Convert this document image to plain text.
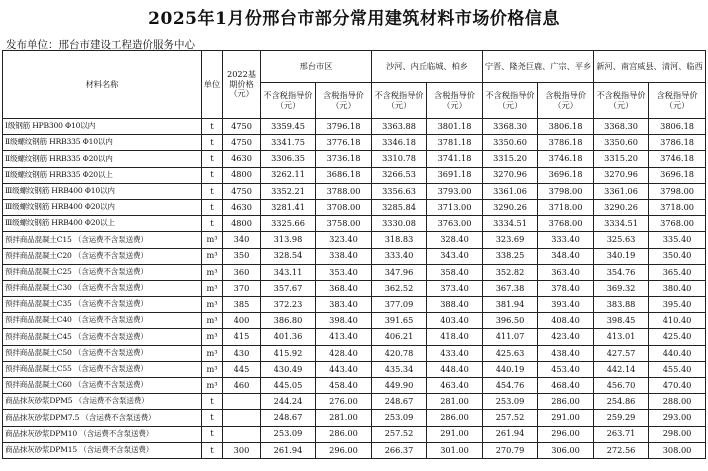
2025年1月份邢台市部分常用建筑材料市场价格信息
发布单位：邢台市建设工程造价服务中心
材料名称	单位	2022基期价格（元）	邢台市区		沙河、内丘临城、柏乡		宁晋、隆尧巨鹿、广宗、平乡		新河、南宫威县、清河、临西	
			不含税指导价（元）	含税指导价（元）	不含税指导价（元）	含税指导价（元）	不含税指导价（元）	含税指导价（元）	不含税指导价（元）	含税指导价（元）
Ⅰ级钢筋 HPB300 Φ10以内	t	4750	3359.45	3796.18	3363.88	3801.18	3368.30	3806.18	3368.30	3806.18
Ⅱ级螺纹钢筋 HRB335 Φ10以内	t	4750	3341.75	3776.18	3346.18	3781.18	3350.60	3786.18	3350.60	3786.18
Ⅱ级螺纹钢筋 HRB335 Φ20以内	t	4630	3306.35	3736.18	3310.78	3741.18	3315.20	3746.18	3315.20	3746.18
Ⅱ级螺纹钢筋 HRB335 Φ20以上	t	4800	3262.11	3686.18	3266.53	3691.18	3270.96	3696.18	3270.96	3696.18
Ⅲ级螺纹钢筋 HRB400 Φ10以内	t	4750	3352.21	3788.00	3356.63	3793.00	3361.06	3798.00	3361.06	3798.00
Ⅲ级螺纹钢筋 HRB400 Φ20以内	t	4630	3281.41	3708.00	3285.84	3713.00	3290.26	3718.00	3290.26	3718.00
Ⅲ级螺纹钢筋 HRB400 Φ20以上	t	4800	3325.66	3758.00	3330.08	3763.00	3334.51	3768.00	3334.51	3768.00
预拌商品混凝土C15 （含运费不含泵送费）	m³	340	313.98	323.40	318.83	328.40	323.69	333.40	325.63	335.40
预拌商品混凝土C20 （含运费不含泵送费）	m³	350	328.54	338.40	333.40	343.40	338.25	348.40	340.19	350.40
预拌商品混凝土C25 （含运费不含泵送费）	m³	360	343.11	353.40	347.96	358.40	352.82	363.40	354.76	365.40
预拌商品混凝土C30 （含运费不含泵送费）	m³	370	357.67	368.40	362.52	373.40	367.38	378.40	369.32	380.40
预拌商品混凝土C35 （含运费不含泵送费）	m³	385	372.23	383.40	377.09	388.40	381.94	393.40	383.88	395.40
预拌商品混凝土C40 （含运费不含泵送费）	m³	400	386.80	398.40	391.65	403.40	396.50	408.40	398.45	410.40
预拌商品混凝土C45 （含运费不含泵送费）	m³	415	401.36	413.40	406.21	418.40	411.07	423.40	413.01	425.40
预拌商品混凝土C50 （含运费不含泵送费）	m³	430	415.92	428.40	420.78	433.40	425.63	438.40	427.57	440.40
预拌商品混凝土C55 （含运费不含泵送费）	m³	445	430.49	443.40	435.34	448.40	440.19	453.40	442.14	455.40
预拌商品混凝土C60 （含运费不含泵送费）	m³	460	445.05	458.40	449.90	463.40	454.76	468.40	456.70	470.40
商品抹灰砂浆DPM5 （含运费不含泵送费）	t		244.24	276.00	248.67	281.00	253.09	286.00	254.86	288.00
商品抹灰砂浆DPM7.5 （含运费不含泵送费）	t		248.67	281.00	253.09	286.00	257.52	291.00	259.29	293.00
商品抹灰砂浆DPM10 （含运费不含泵送费）	t		253.09	286.00	257.52	291.00	261.94	296.00	263.71	298.00
商品抹灰砂浆DPM15 （含运费不含泵送费）	t	300	261.94	296.00	266.37	301.00	270.79	306.00	272.56	308.00
